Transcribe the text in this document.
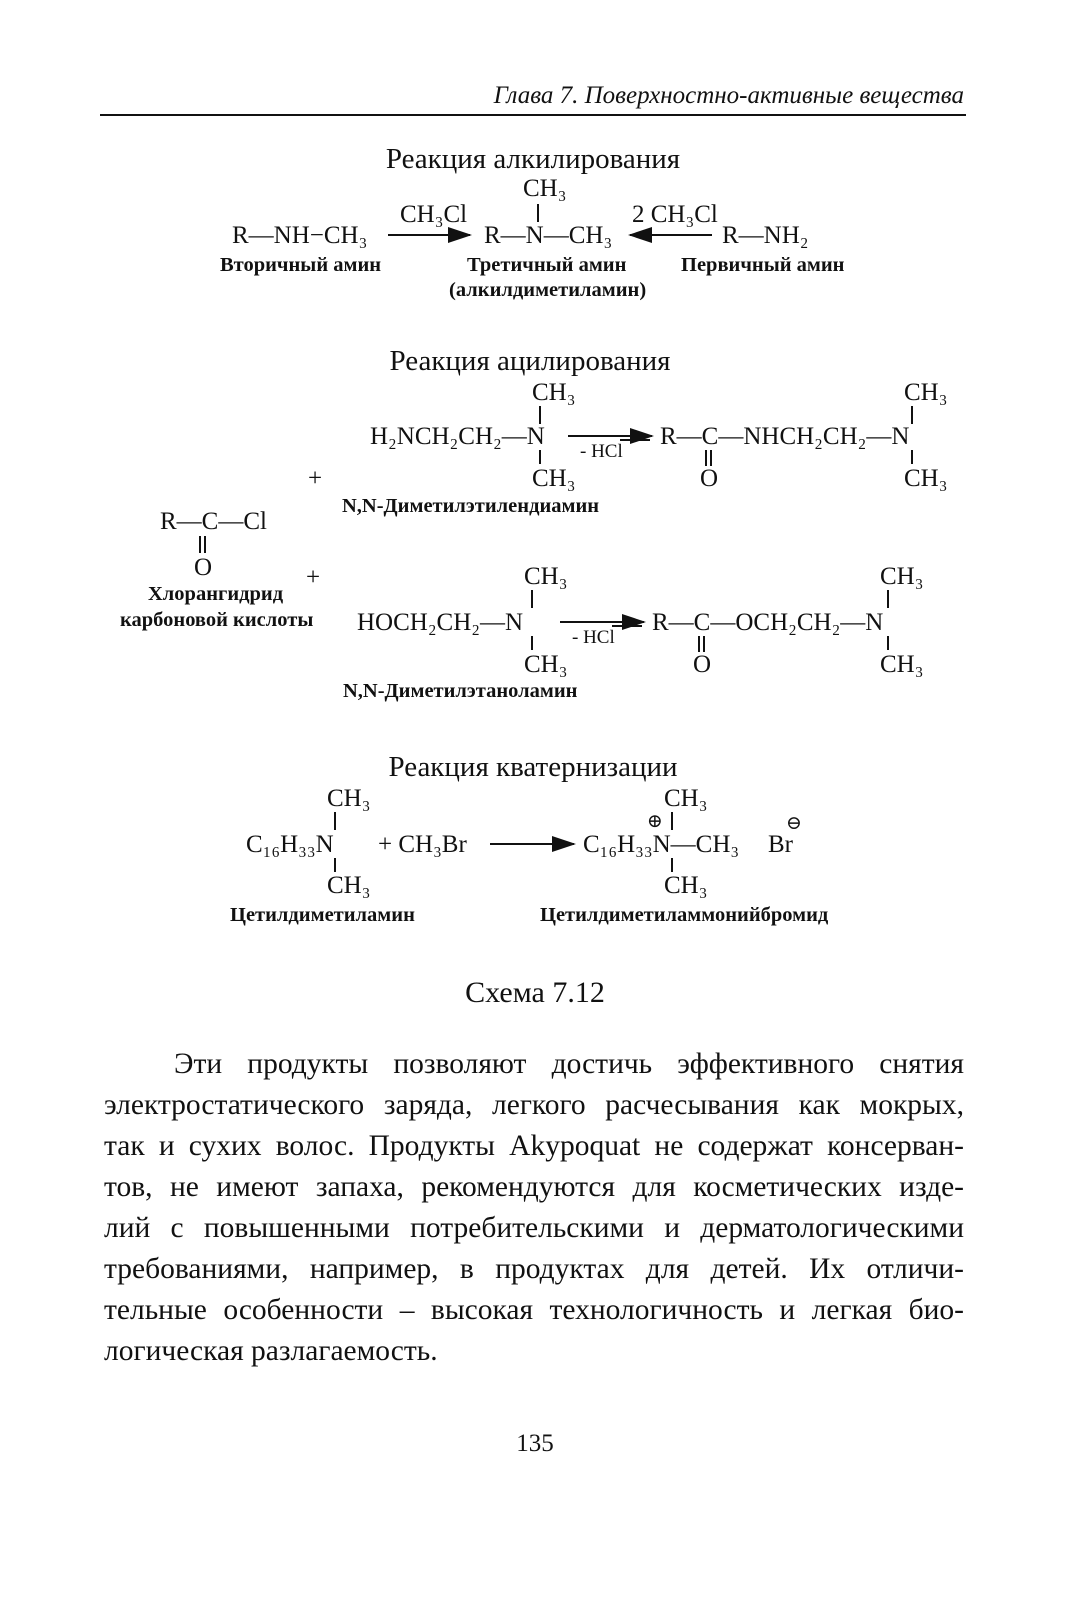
Глава 7. Поверхностно-активные вещества
Реакция алкилирования
R—NH−CH₃
Вторичный амин
CH₃Cl
CH₃
R—N—CH₃
Третичный амин
(алкилдиметиламин)
2 CH₃Cl
R—NH₂
Первичный амин
Реакция ацилирования
R—C—Cl
O
Хлорангидрид
карбоновой кислоты
+
+
CH₃
H₂NCH₂CH₂—N
CH₃
N,N-Диметилэтилендиамин
- HCl
CH₃
R—C—NHCH₂CH₂—N
O	CH₃
CH₃
HOCH₂CH₂—N
CH₃
N,N-Диметилэтаноламин
- HCl
CH₃
R—C—OCH₂CH₂—N
O	CH₃
Реакция кватернизации
CH₃
C₁₆H₃₃N
CH₃
Цетилдиметиламин
+ CH₃Br
CH₃
⊕
C₁₆H₃₃N—CH₃
CH₃
Br
⊖
Цетилдиметиламмонийбромид
Схема 7.12
Эти продукты позволяют достичь эффективного снятия
электростатического заряда, легкого расчесывания как мокрых,
так и сухих волос. Продукты Akypoquat не содержат консерван-
тов, не имеют запаха, рекомендуются для косметических изде-
лий с повышенными потребительскими и дерматологическими
требованиями, например, в продуктах для детей. Их отличи-
тельные особенности – высокая технологичность и легкая био-
логическая разлагаемость.
135
